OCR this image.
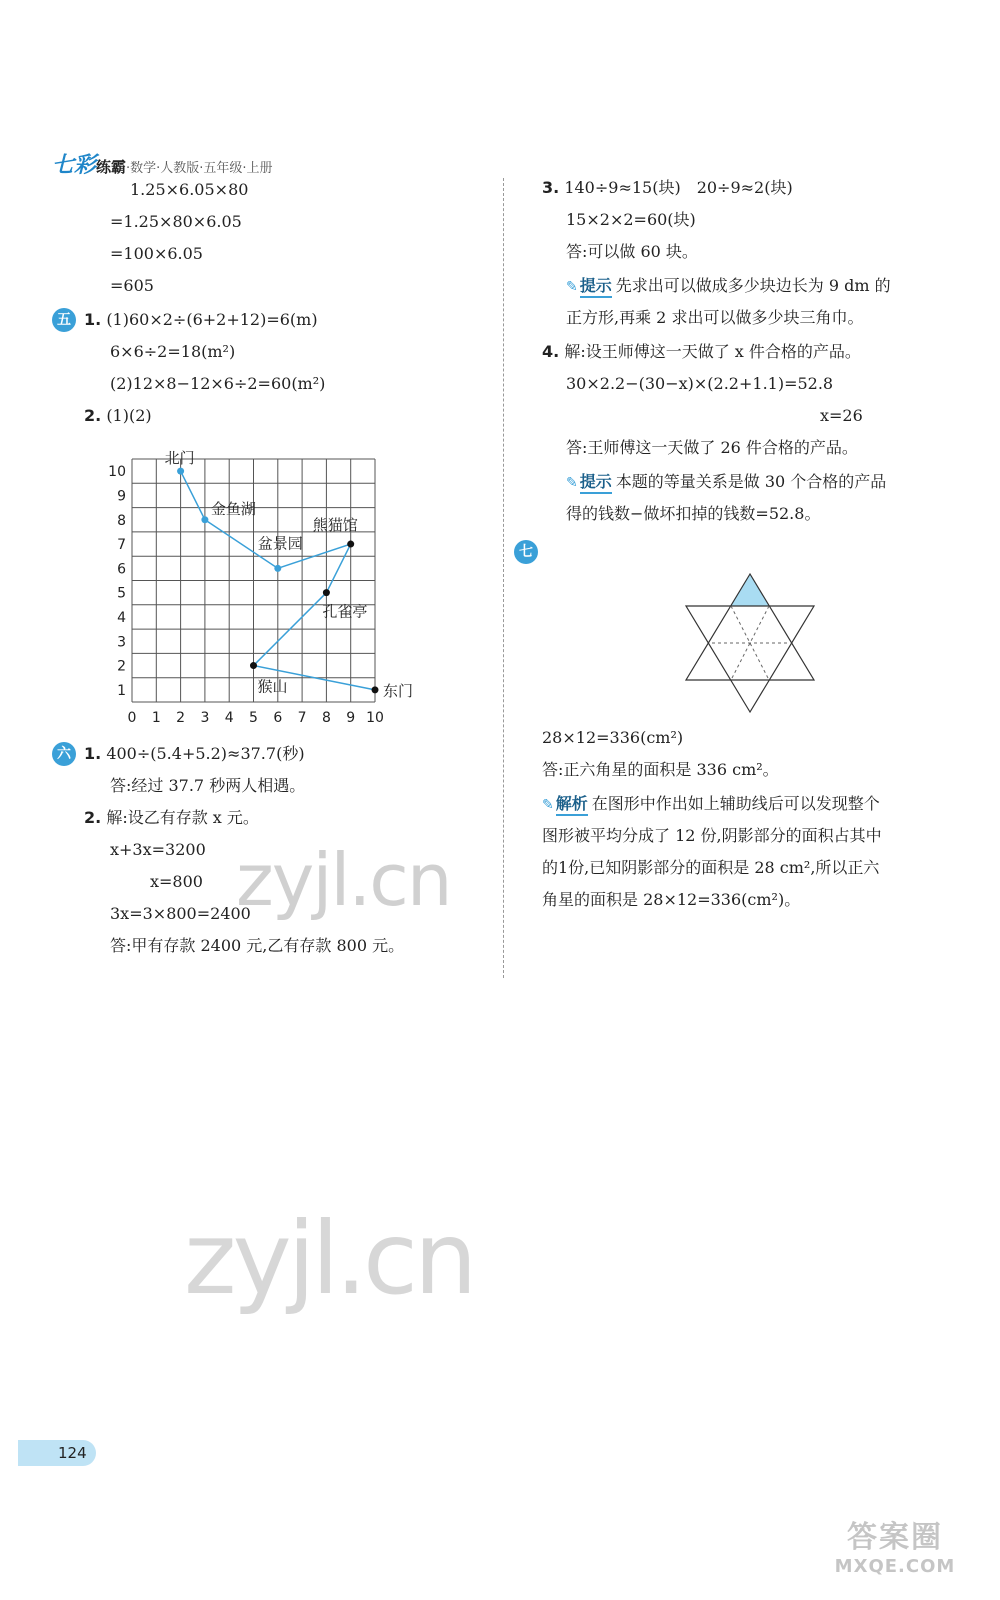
七彩练霸·数学·人教版·五年级·上册
1.25×6.05×80
=1.25×80×6.05
=100×6.05
=605
五 1. (1)60×2÷(6+2+12)=6(m)
6×6÷2=18(m²)
(2)12×8−12×6÷2=60(m²)
2. (1)(2)
1
2
3
4
5
6
7
8
9
10
0 1 2 3 4 5 6 7 8 9 10
北门
金鱼湖
盆景园
熊猫馆
孔雀亭
猴山	东门
六 1. 400÷(5.4+5.2)≈37.7(秒)
答:经过 37.7 秒两人相遇。
2. 解:设乙有存款 x 元。
x+3x=3200
x=800
3x=3×800=2400
答:甲有存款 2400 元,乙有存款 800 元。
3. 140÷9≈15(块)　20÷9≈2(块)
15×2×2=60(块)
答:可以做 60 块。
✎ 提示 先求出可以做成多少块边长为 9 dm 的
正方形,再乘 2 求出可以做多少块三角巾。
4. 解:设王师傅这一天做了 x 件合格的产品。
30×2.2−(30−x)×(2.2+1.1)=52.8
x=26
答:王师傅这一天做了 26 件合格的产品。
✎ 提示 本题的等量关系是做 30 个合格的产品
得的钱数−做坏扣掉的钱数=52.8。
七
28×12=336(cm²)
答:正六角星的面积是 336 cm²。
✎ 解析 在图形中作出如上辅助线后可以发现整个
图形被平均分成了 12 份,阴影部分的面积占其中
的1份,已知阴影部分的面积是 28 cm²,所以正六
角星的面积是 28×12=336(cm²)。
zyjl.cn
zyjl.cn
124
答案圈
MXQE.COM
